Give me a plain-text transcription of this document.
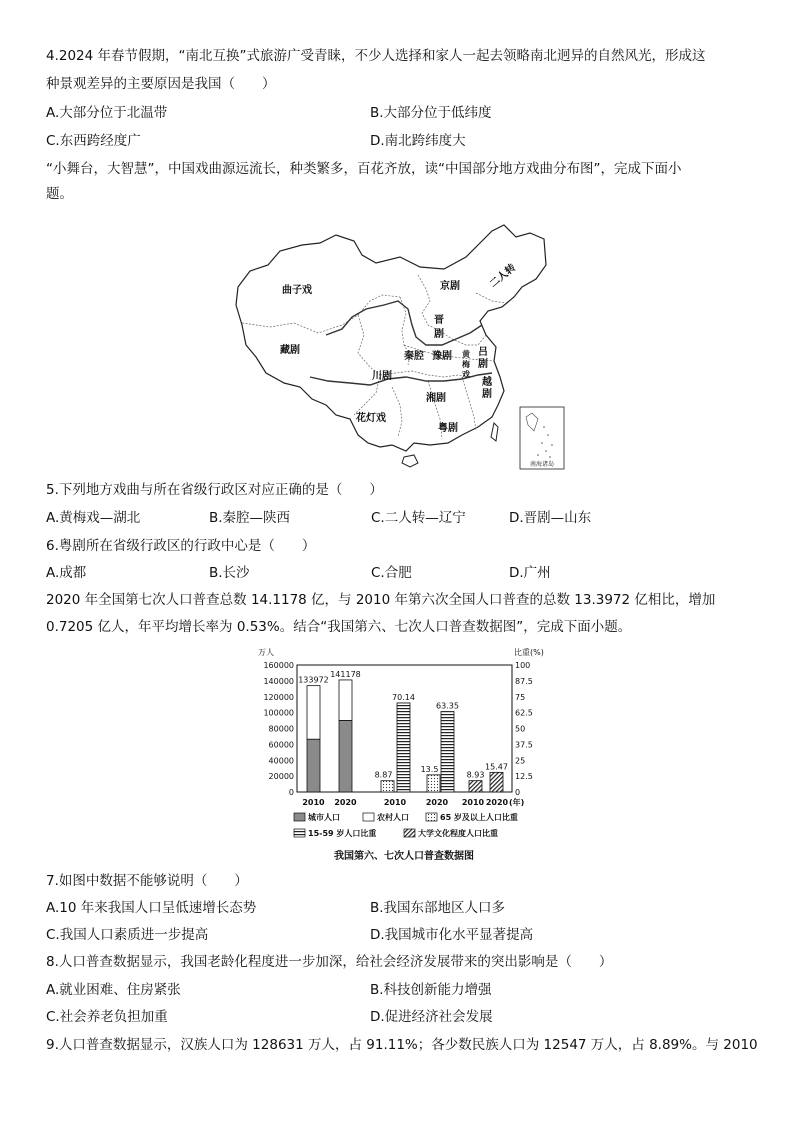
4.2024 年春节假期，“南北互换”式旅游广受青睐，不少人选择和家人一起去领略南北迥异的自然风光，形成这
种景观差异的主要原因是我国（　　）
A.大部分位于北温带	B.大部分位于低纬度
C.东西跨经度广	D.南北跨纬度大
“小舞台，大智慧”，中国戏曲源远流长，种类繁多，百花齐放，读“中国部分地方戏曲分布图”，完成下面小
题。
南海诸岛
曲子戏	京剧	二人转
晋
剧
藏剧
秦腔 豫剧 黄
梅
戏
吕
剧
越
剧
川剧
湘剧
花灯戏
粤剧
5.下列地方戏曲与所在省级行政区对应正确的是（　　）
A.黄梅戏—湖北	B.秦腔—陕西	C.二人转—辽宁	D.晋剧—山东
6.粤剧所在省级行政区的行政中心是（　　）
A.成都	B.长沙	C.合肥	D.广州
2020 年全国第七次人口普查总数 14.1178 亿，与 2010 年第六次全国人口普查的总数 13.3972 亿相比，增加
0.7205 亿人，年平均增长率为 0.53%。结合“我国第六、七次人口普查数据图”，完成下面小题。
万人	比重(%)
160000
140000
120000
100000
80000
60000
40000
20000
0
100
87.5
75
62.5
50
37.5
25
12.5
0
133972
141178
8.87
13.5
70.14
63.35
8.93
15.47
2010 2020	2010 2020 2010 2020 (年)
城市人口	农村人口	65 岁及以上人口比重
15-59 岁人口比重	大学文化程度人口比重
我国第六、七次人口普查数据图
7.如图中数据不能够说明（　　）
A.10 年来我国人口呈低速增长态势	B.我国东部地区人口多
C.我国人口素质进一步提高	D.我国城市化水平显著提高
8.人口普查数据显示，我国老龄化程度进一步加深，给社会经济发展带来的突出影响是（　　）
A.就业困难、住房紧张	B.科技创新能力增强
C.社会养老负担加重	D.促进经济社会发展
9.人口普查数据显示，汉族人口为 128631 万人，占 91.11%；各少数民族人口为 12547 万人，占 8.89%。与 2010
